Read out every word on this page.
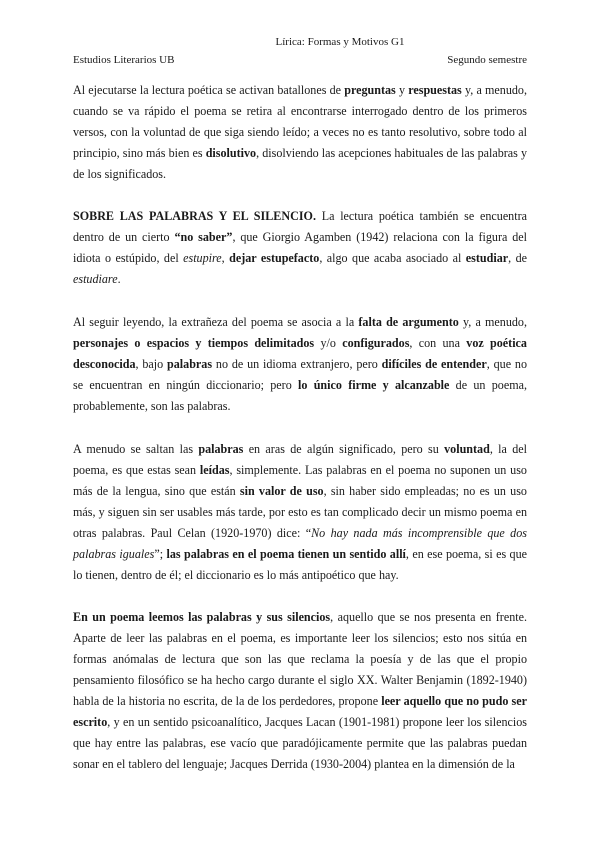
Lírica: Formas y Motivos G1
Estudios Literarios UB	Segundo semestre

Al ejecutarse la lectura poética se activan batallones de preguntas y respuestas y, a menudo, cuando se va rápido el poema se retira al encontrarse interrogado dentro de los primeros versos, con la voluntad de que siga siendo leído; a veces no es tanto resolutivo, sobre todo al principio, sino más bien es disolutivo, disolviendo las acepciones habituales de las palabras y de los significados.

SOBRE LAS PALABRAS Y EL SILENCIO. La lectura poética también se encuentra dentro de un cierto “no saber”, que Giorgio Agamben (1942) relaciona con la figura del idiota o estúpido, del estupire, dejar estupefacto, algo que acaba asociado al estudiar, de estudiare.

Al seguir leyendo, la extrañeza del poema se asocia a la falta de argumento y, a menudo, personajes o espacios y tiempos delimitados y/o configurados, con una voz poética desconocida, bajo palabras no de un idioma extranjero, pero difíciles de entender, que no se encuentran en ningún diccionario; pero lo único firme y alcanzable de un poema, probablemente, son las palabras.

A menudo se saltan las palabras en aras de algún significado, pero su voluntad, la del poema, es que estas sean leídas, simplemente. Las palabras en el poema no suponen un uso más de la lengua, sino que están sin valor de uso, sin haber sido empleadas; no es un uso más, y siguen sin ser usables más tarde, por esto es tan complicado decir un mismo poema en otras palabras. Paul Celan (1920-1970) dice: “No hay nada más incomprensible que dos palabras iguales”; las palabras en el poema tienen un sentido allí, en ese poema, si es que lo tienen, dentro de él; el diccionario es lo más antipoético que hay.

En un poema leemos las palabras y sus silencios, aquello que se nos presenta en frente. Aparte de leer las palabras en el poema, es importante leer los silencios; esto nos sitúa en formas anómalas de lectura que son las que reclama la poesía y de las que el propio pensamiento filosófico se ha hecho cargo durante el siglo XX. Walter Benjamin (1892-1940) habla de la historia no escrita, de la de los perdedores, propone leer aquello que no pudo ser escrito, y en un sentido psicoanalítico, Jacques Lacan (1901-1981) propone leer los silencios que hay entre las palabras, ese vacío que paradójicamente permite que las palabras puedan sonar en el tablero del lenguaje; Jacques Derrida (1930-2004) plantea en la dimensión de la
